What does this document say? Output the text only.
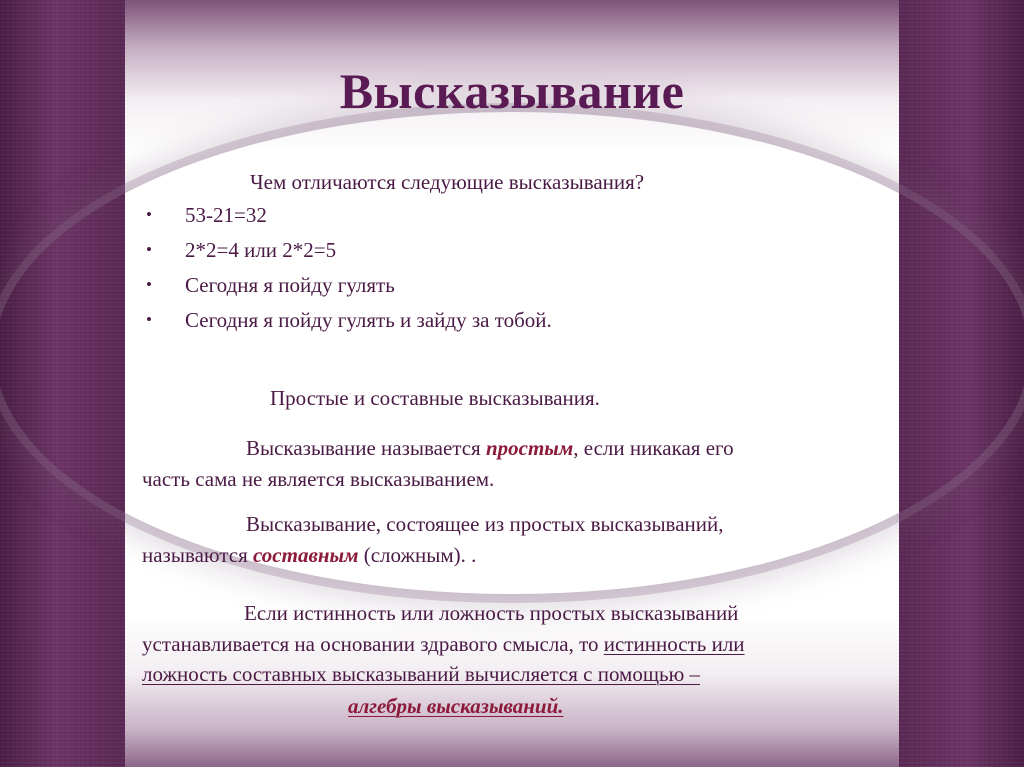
Высказывание
Чем отличаются следующие высказывания?
• 53-21=32
• 2*2=4 или 2*2=5
• Сегодня я пойду гулять
• Сегодня я пойду гулять и зайду за тобой.
Простые и составные высказывания.
Высказывание называется простым, если никакая его
часть сама не является высказыванием.
Высказывание, состоящее из простых высказываний,
называются составным (сложным). .
Если истинность или ложность простых высказываний
устанавливается на основании здравого смысла, то истинность или
ложность составных высказываний вычисляется с помощью –
алгебры высказываний.
